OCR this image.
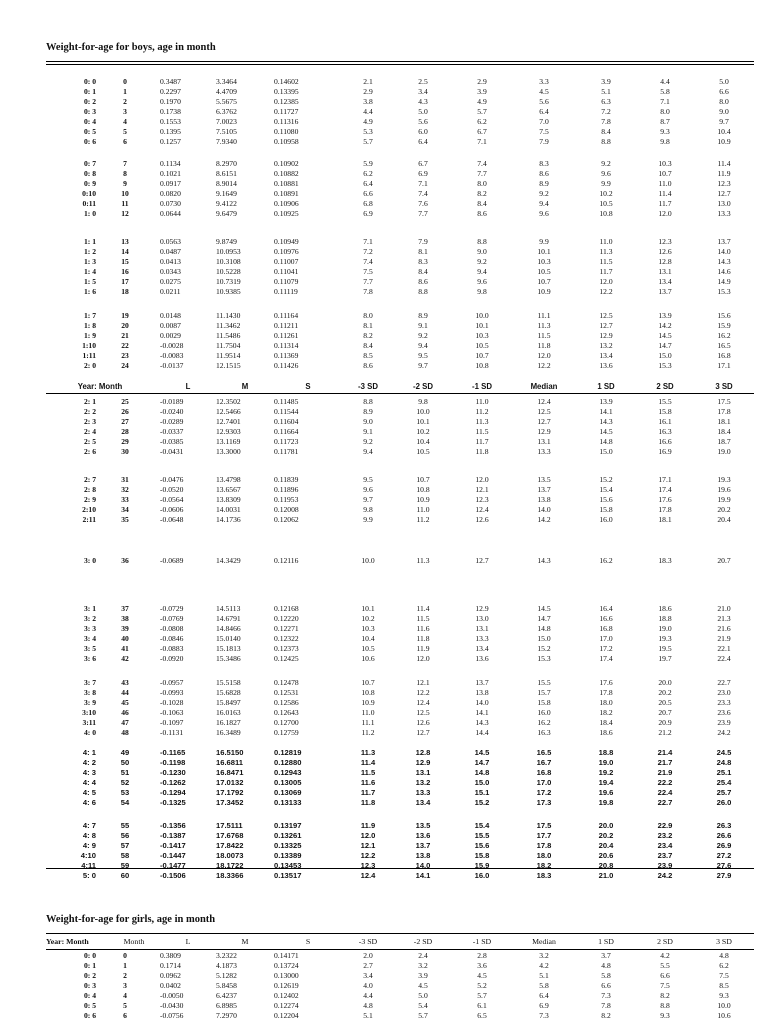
Weight-for-age for boys, age in month
Weight-for-age for girls, age in month
0: 0	0	0.3487	3.3464	0.14602	2.1	2.5	2.9	3.3	3.9	4.4	5.0
0: 1	1	0.2297	4.4709	0.13395	2.9	3.4	3.9	4.5	5.1	5.8	6.6
0: 2	2	0.1970	5.5675	0.12385	3.8	4.3	4.9	5.6	6.3	7.1	8.0
0: 3	3	0.1738	6.3762	0.11727	4.4	5.0	5.7	6.4	7.2	8.0	9.0
0: 4	4	0.1553	7.0023	0.11316	4.9	5.6	6.2	7.0	7.8	8.7	9.7
0: 5	5	0.1395	7.5105	0.11080	5.3	6.0	6.7	7.5	8.4	9.3	10.4
0: 6	6	0.1257	7.9340	0.10958	5.7	6.4	7.1	7.9	8.8	9.8	10.9
0: 7	7	0.1134	8.2970	0.10902	5.9	6.7	7.4	8.3	9.2	10.3	11.4
0: 8	8	0.1021	8.6151	0.10882	6.2	6.9	7.7	8.6	9.6	10.7	11.9
0: 9	9	0.0917	8.9014	0.10881	6.4	7.1	8.0	8.9	9.9	11.0	12.3
0:10	10	0.0820	9.1649	0.10891	6.6	7.4	8.2	9.2	10.2	11.4	12.7
0:11	11	0.0730	9.4122	0.10906	6.8	7.6	8.4	9.4	10.5	11.7	13.0
1: 0	12	0.0644	9.6479	0.10925	6.9	7.7	8.6	9.6	10.8	12.0	13.3
1: 1	13	0.0563	9.8749	0.10949	7.1	7.9	8.8	9.9	11.0	12.3	13.7
1: 2	14	0.0487	10.0953	0.10976	7.2	8.1	9.0	10.1	11.3	12.6	14.0
1: 3	15	0.0413	10.3108	0.11007	7.4	8.3	9.2	10.3	11.5	12.8	14.3
1: 4	16	0.0343	10.5228	0.11041	7.5	8.4	9.4	10.5	11.7	13.1	14.6
1: 5	17	0.0275	10.7319	0.11079	7.7	8.6	9.6	10.7	12.0	13.4	14.9
1: 6	18	0.0211	10.9385	0.11119	7.8	8.8	9.8	10.9	12.2	13.7	15.3
1: 7	19	0.0148	11.1430	0.11164	8.0	8.9	10.0	11.1	12.5	13.9	15.6
1: 8	20	0.0087	11.3462	0.11211	8.1	9.1	10.1	11.3	12.7	14.2	15.9
1: 9	21	0.0029	11.5486	0.11261	8.2	9.2	10.3	11.5	12.9	14.5	16.2
1:10	22	-0.0028	11.7504	0.11314	8.4	9.4	10.5	11.8	13.2	14.7	16.5
1:11	23	-0.0083	11.9514	0.11369	8.5	9.5	10.7	12.0	13.4	15.0	16.8
2: 0	24	-0.0137	12.1515	0.11426	8.6	9.7	10.8	12.2	13.6	15.3	17.1
Year: Month	L	M	S	-3 SD	-2 SD	-1 SD	Median	1 SD	2 SD	3 SD
2: 1	25	-0.0189	12.3502	0.11485	8.8	9.8	11.0	12.4	13.9	15.5	17.5
2: 2	26	-0.0240	12.5466	0.11544	8.9	10.0	11.2	12.5	14.1	15.8	17.8
2: 3	27	-0.0289	12.7401	0.11604	9.0	10.1	11.3	12.7	14.3	16.1	18.1
2: 4	28	-0.0337	12.9303	0.11664	9.1	10.2	11.5	12.9	14.5	16.3	18.4
2: 5	29	-0.0385	13.1169	0.11723	9.2	10.4	11.7	13.1	14.8	16.6	18.7
2: 6	30	-0.0431	13.3000	0.11781	9.4	10.5	11.8	13.3	15.0	16.9	19.0
2: 7	31	-0.0476	13.4798	0.11839	9.5	10.7	12.0	13.5	15.2	17.1	19.3
2: 8	32	-0.0520	13.6567	0.11896	9.6	10.8	12.1	13.7	15.4	17.4	19.6
2: 9	33	-0.0564	13.8309	0.11953	9.7	10.9	12.3	13.8	15.6	17.6	19.9
2:10	34	-0.0606	14.0031	0.12008	9.8	11.0	12.4	14.0	15.8	17.8	20.2
2:11	35	-0.0648	14.1736	0.12062	9.9	11.2	12.6	14.2	16.0	18.1	20.4
3: 0	36	-0.0689	14.3429	0.12116	10.0	11.3	12.7	14.3	16.2	18.3	20.7
3: 1	37	-0.0729	14.5113	0.12168	10.1	11.4	12.9	14.5	16.4	18.6	21.0
3: 2	38	-0.0769	14.6791	0.12220	10.2	11.5	13.0	14.7	16.6	18.8	21.3
3: 3	39	-0.0808	14.8466	0.12271	10.3	11.6	13.1	14.8	16.8	19.0	21.6
3: 4	40	-0.0846	15.0140	0.12322	10.4	11.8	13.3	15.0	17.0	19.3	21.9
3: 5	41	-0.0883	15.1813	0.12373	10.5	11.9	13.4	15.2	17.2	19.5	22.1
3: 6	42	-0.0920	15.3486	0.12425	10.6	12.0	13.6	15.3	17.4	19.7	22.4
3: 7	43	-0.0957	15.5158	0.12478	10.7	12.1	13.7	15.5	17.6	20.0	22.7
3: 8	44	-0.0993	15.6828	0.12531	10.8	12.2	13.8	15.7	17.8	20.2	23.0
3: 9	45	-0.1028	15.8497	0.12586	10.9	12.4	14.0	15.8	18.0	20.5	23.3
3:10	46	-0.1063	16.0163	0.12643	11.0	12.5	14.1	16.0	18.2	20.7	23.6
3:11	47	-0.1097	16.1827	0.12700	11.1	12.6	14.3	16.2	18.4	20.9	23.9
4: 0	48	-0.1131	16.3489	0.12759	11.2	12.7	14.4	16.3	18.6	21.2	24.2
4: 1	49	-0.1165	16.5150	0.12819	11.3	12.8	14.5	16.5	18.8	21.4	24.5
4: 2	50	-0.1198	16.6811	0.12880	11.4	12.9	14.7	16.7	19.0	21.7	24.8
4: 3	51	-0.1230	16.8471	0.12943	11.5	13.1	14.8	16.8	19.2	21.9	25.1
4: 4	52	-0.1262	17.0132	0.13005	11.6	13.2	15.0	17.0	19.4	22.2	25.4
4: 5	53	-0.1294	17.1792	0.13069	11.7	13.3	15.1	17.2	19.6	22.4	25.7
4: 6	54	-0.1325	17.3452	0.13133	11.8	13.4	15.2	17.3	19.8	22.7	26.0
4: 7	55	-0.1356	17.5111	0.13197	11.9	13.5	15.4	17.5	20.0	22.9	26.3
4: 8	56	-0.1387	17.6768	0.13261	12.0	13.6	15.5	17.7	20.2	23.2	26.6
4: 9	57	-0.1417	17.8422	0.13325	12.1	13.7	15.6	17.8	20.4	23.4	26.9
4:10	58	-0.1447	18.0073	0.13389	12.2	13.8	15.8	18.0	20.6	23.7	27.2
4:11	59	-0.1477	18.1722	0.13453	12.3	14.0	15.9	18.2	20.8	23.9	27.6
5: 0	60	-0.1506	18.3366	0.13517	12.4	14.1	16.0	18.3	21.0	24.2	27.9
Year: Month	Month	L	M	S	-3 SD	-2 SD	-1 SD	Median	1 SD	2 SD	3 SD
0: 0	0	0.3809	3.2322	0.14171	2.0	2.4	2.8	3.2	3.7	4.2	4.8
0: 1	1	0.1714	4.1873	0.13724	2.7	3.2	3.6	4.2	4.8	5.5	6.2
0: 2	2	0.0962	5.1282	0.13000	3.4	3.9	4.5	5.1	5.8	6.6	7.5
0: 3	3	0.0402	5.8458	0.12619	4.0	4.5	5.2	5.8	6.6	7.5	8.5
0: 4	4	-0.0050	6.4237	0.12402	4.4	5.0	5.7	6.4	7.3	8.2	9.3
0: 5	5	-0.0430	6.8985	0.12274	4.8	5.4	6.1	6.9	7.8	8.8	10.0
0: 6	6	-0.0756	7.2970	0.12204	5.1	5.7	6.5	7.3	8.2	9.3	10.6
